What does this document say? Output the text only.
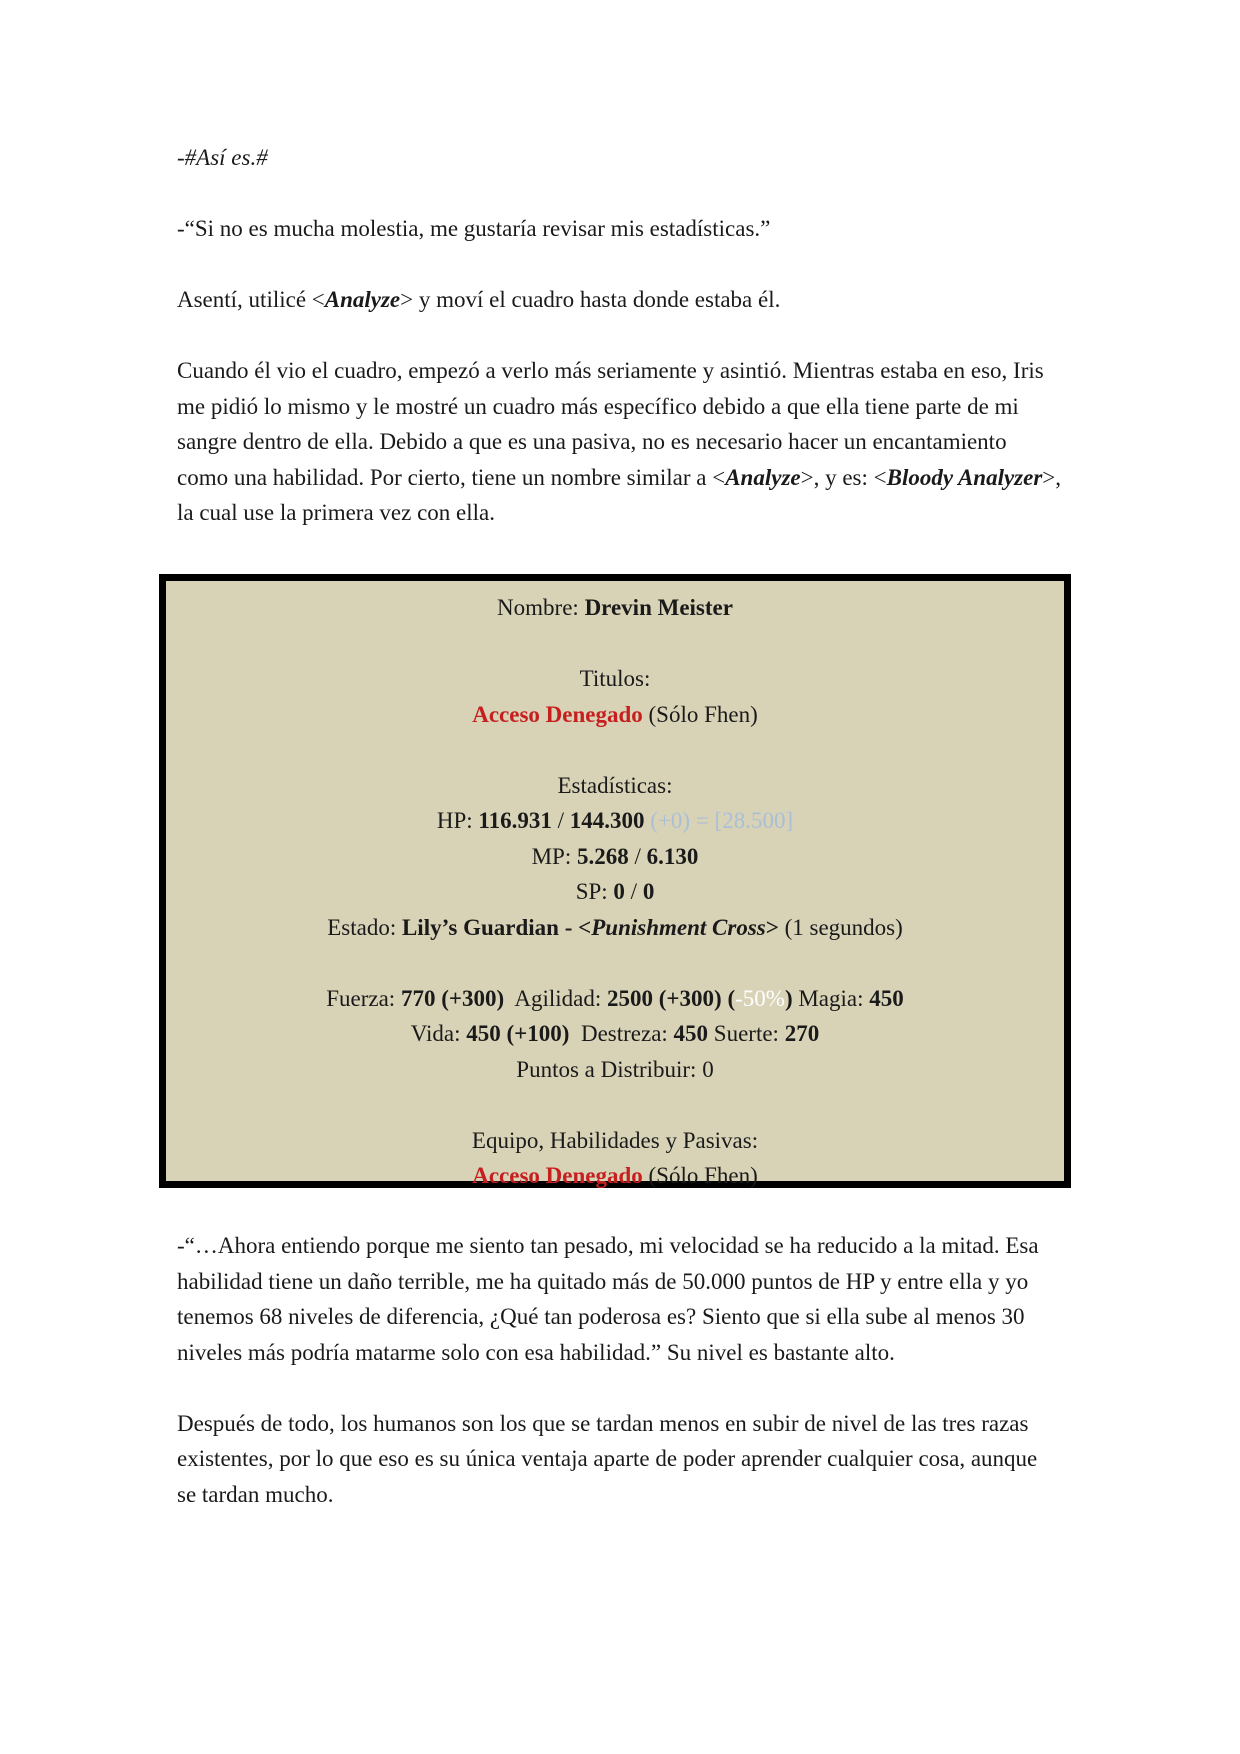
-#Así es.#

-“Si no es mucha molestia, me gustaría revisar mis estadísticas.”

Asentí, utilicé <Analyze> y moví el cuadro hasta donde estaba él.

Cuando él vio el cuadro, empezó a verlo más seriamente y asintió. Mientras estaba en eso, Iris me pidió lo mismo y le mostré un cuadro más específico debido a que ella tiene parte de mi sangre dentro de ella. Debido a que es una pasiva, no es necesario hacer un encantamiento como una habilidad. Por cierto, tiene un nombre similar a <Analyze>, y es: <Bloody Analyzer>, la cual use la primera vez con ella.

Nombre: Drevin Meister

Titulos:

Acceso Denegado (Sólo Fhen)

Estadísticas:

HP: 116.931 / 144.300 (+0) = [28.500]

MP: 5.268 / 6.130

SP: 0 / 0

Estado: Lily’s Guardian - <Punishment Cross> (1 segundos)

Fuerza: 770 (+300)  Agilidad: 2500 (+300) (-50%) Magia: 450

Vida: 450 (+100)  Destreza: 450 Suerte: 270

Puntos a Distribuir: 0

Equipo, Habilidades y Pasivas:

Acceso Denegado (Sólo Fhen)

-“…Ahora entiendo porque me siento tan pesado, mi velocidad se ha reducido a la mitad. Esa habilidad tiene un daño terrible, me ha quitado más de 50.000 puntos de HP y entre ella y yo tenemos 68 niveles de diferencia, ¿Qué tan poderosa es? Siento que si ella sube al menos 30 niveles más podría matarme solo con esa habilidad.” Su nivel es bastante alto.

Después de todo, los humanos son los que se tardan menos en subir de nivel de las tres razas existentes, por lo que eso es su única ventaja aparte de poder aprender cualquier cosa, aunque se tardan mucho.
